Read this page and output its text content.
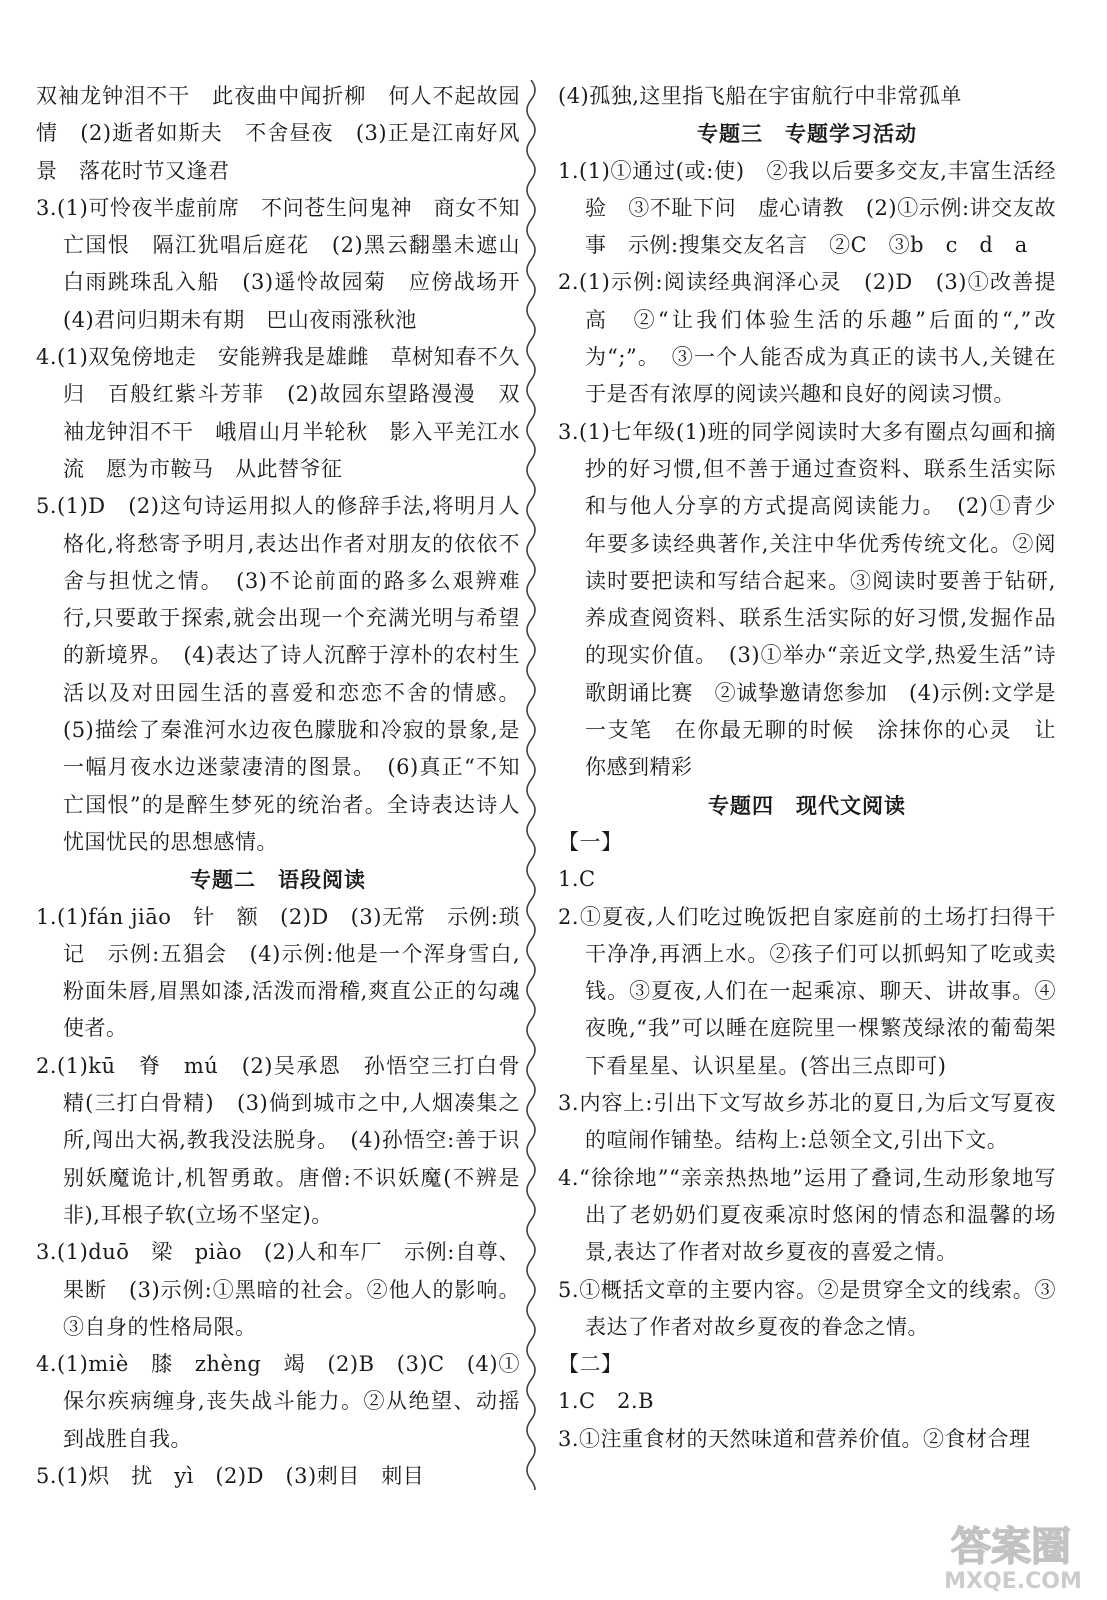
双袖龙钟泪不干　此夜曲中闻折柳　何人不起故园情　(2)逝者如斯夫　不舍昼夜　(3)正是江南好风景　落花时节又逢君

3.(1)可怜夜半虚前席　不问苍生问鬼神　商女不知亡国恨　隔江犹唱后庭花　(2)黑云翻墨未遮山　白雨跳珠乱入船　(3)遥怜故园菊　应傍战场开　(4)君问归期未有期　巴山夜雨涨秋池

4.(1)双兔傍地走　安能辨我是雄雌　草树知春不久归　百般红紫斗芳菲　(2)故园东望路漫漫　双袖龙钟泪不干　峨眉山月半轮秋　影入平羌江水流　愿为市鞍马　从此替爷征

5.(1)D　(2)这句诗运用拟人的修辞手法,将明月人格化,将愁寄予明月,表达出作者对朋友的依依不舍与担忧之情。　(3)不论前面的路多么艰辨难行,只要敢于探索,就会出现一个充满光明与希望的新境界。　(4)表达了诗人沉醉于淳朴的农村生活以及对田园生活的喜爱和恋恋不舍的情感。(5)描绘了秦淮河水边夜色朦胧和冷寂的景象,是一幅月夜水边迷蒙凄清的图景。　(6)真正“不知亡国恨”的是醉生梦死的统治者。全诗表达诗人忧国忧民的思想感情。

专题二　语段阅读

1.(1)fán jiāo　针　额　(2)D　(3)无常　示例:琐记　示例:五猖会　(4)示例:他是一个浑身雪白,粉面朱唇,眉黑如漆,活泼而滑稽,爽直公正的勾魂使者。

2.(1)kū　脊　mú　(2)吴承恩　孙悟空三打白骨精(三打白骨精)　(3)倘到城市之中,人烟凑集之所,闯出大祸,教我没法脱身。　(4)孙悟空:善于识别妖魔诡计,机智勇敢。唐僧:不识妖魔(不辨是非),耳根子软(立场不坚定)。

3.(1)duō　梁　piào　(2)人和车厂　示例:自尊、果断　(3)示例:①黑暗的社会。②他人的影响。③自身的性格局限。

4.(1)miè　膝　zhèng　竭　(2)B　(3)C　(4)①保尔疾病缠身,丧失战斗能力。②从绝望、动摇到战胜自我。

5.(1)炽　扰　yì　(2)D　(3)刺目　刺目

(4)孤独,这里指飞船在宇宙航行中非常孤单

专题三　专题学习活动

1.(1)①通过(或:使)　②我以后要多交友,丰富生活经验　③不耻下问　虚心请教　(2)①示例:讲交友故事　示例:搜集交友名言　②C　③b　c　d　a

2.(1)示例:阅读经典润泽心灵　(2)D　(3)①改善提高　②“让我们体验生活的乐趣”后面的“,”改为“;”。　③一个人能否成为真正的读书人,关键在于是否有浓厚的阅读兴趣和良好的阅读习惯。

3.(1)七年级(1)班的同学阅读时大多有圈点勾画和摘抄的好习惯,但不善于通过查资料、联系生活实际和与他人分享的方式提高阅读能力。　(2)①青少年要多读经典著作,关注中华优秀传统文化。②阅读时要把读和写结合起来。③阅读时要善于钻研,养成查阅资料、联系生活实际的好习惯,发掘作品的现实价值。　(3)①举办“亲近文学,热爱生活”诗歌朗诵比赛　②诚挚邀请您参加　(4)示例:文学是一支笔　在你最无聊的时候　涂抹你的心灵　让你感到精彩

专题四　现代文阅读

【一】

1.C

2.①夏夜,人们吃过晚饭把自家庭前的土场打扫得干干净净,再洒上水。②孩子们可以抓蚂知了吃或卖钱。③夏夜,人们在一起乘凉、聊天、讲故事。④夜晚,“我”可以睡在庭院里一棵繁茂绿浓的葡萄架下看星星、认识星星。(答出三点即可)

3.内容上:引出下文写故乡苏北的夏日,为后文写夏夜的喧闹作铺垫。结构上:总领全文,引出下文。

4.“徐徐地”“亲亲热热地”运用了叠词,生动形象地写出了老奶奶们夏夜乘凉时悠闲的情态和温馨的场景,表达了作者对故乡夏夜的喜爱之情。

5.①概括文章的主要内容。②是贯穿全文的线索。③表达了作者对故乡夏夜的眷念之情。

【二】

1.C　2.B

3.①注重食材的天然味道和营养价值。②食材合理

答案圈
MXQE.COM
